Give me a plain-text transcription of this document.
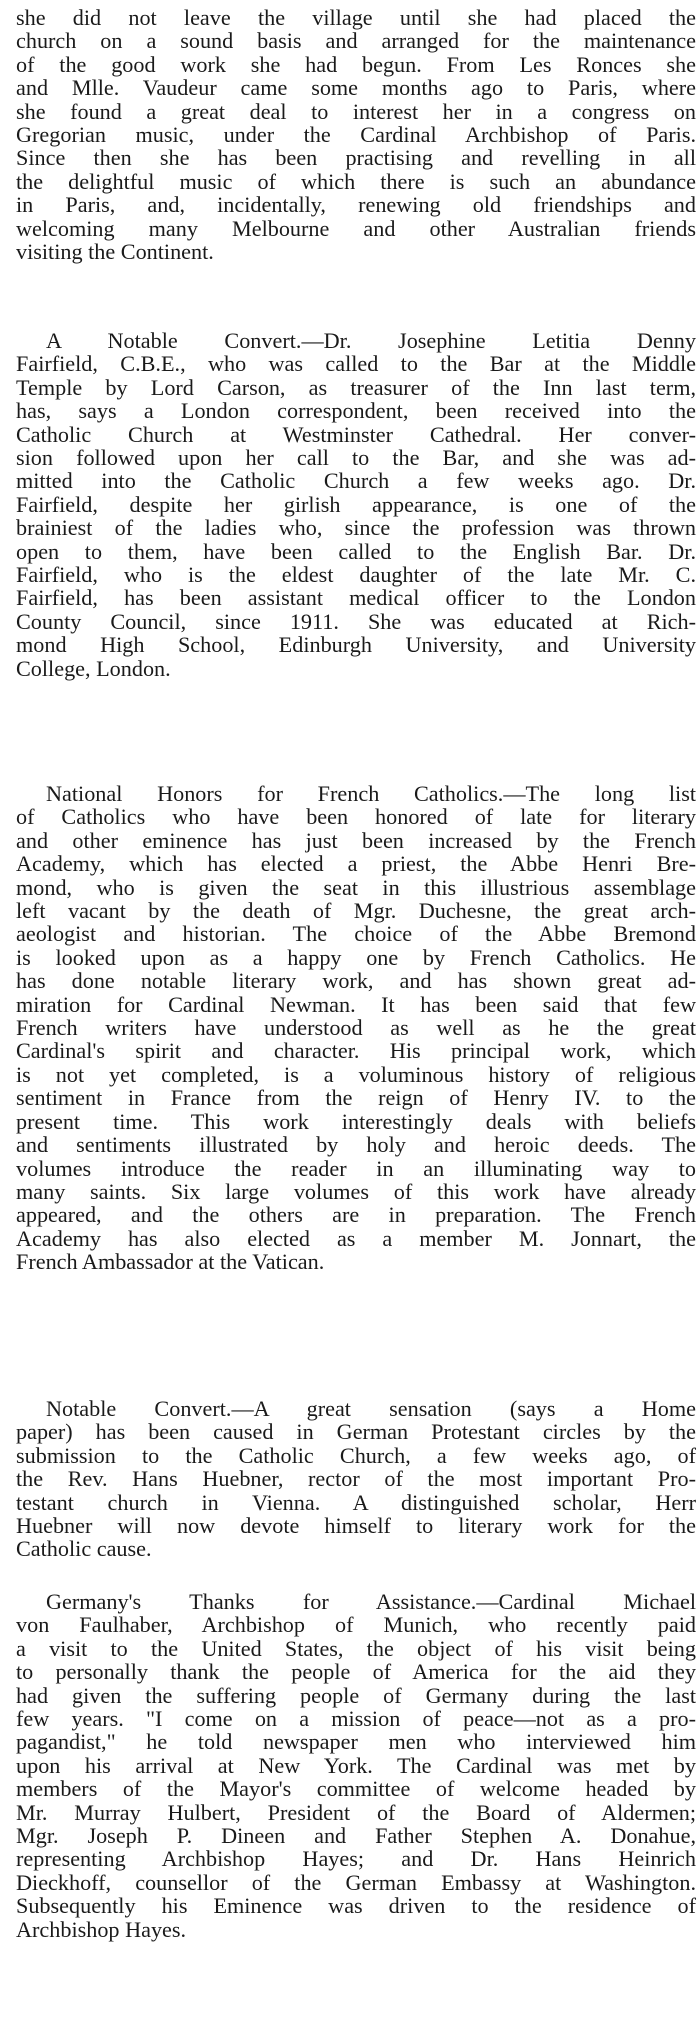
she did not leave the village until she had placed the
church on a sound basis and arranged for the maintenance
of the good work she had begun. From Les Ronces she
and Mlle. Vaudeur came some months ago to Paris, where
she found a great deal to interest her in a congress on
Gregorian music, under the Cardinal Archbishop of Paris.
Since then she has been practising and revelling in all
the delightful music of which there is such an abundance
in Paris, and, incidentally, renewing old friendships and
welcoming many Melbourne and other Australian friends
visiting the Continent.
A Notable Convert.—Dr. Josephine Letitia Denny
Fairfield, C.B.E., who was called to the Bar at the Middle
Temple by Lord Carson, as treasurer of the Inn last term,
has, says a London correspondent, been received into the
Catholic Church at Westminster Cathedral. Her conver-
sion followed upon her call to the Bar, and she was ad-
mitted into the Catholic Church a few weeks ago. Dr.
Fairfield, despite her girlish appearance, is one of the
brainiest of the ladies who, since the profession was thrown
open to them, have been called to the English Bar. Dr.
Fairfield, who is the eldest daughter of the late Mr. C.
Fairfield, has been assistant medical officer to the London
County Council, since 1911. She was educated at Rich-
mond High School, Edinburgh University, and University
College, London.
National Honors for French Catholics.—The long list
of Catholics who have been honored of late for literary
and other eminence has just been increased by the French
Academy, which has elected a priest, the Abbe Henri Bre-
mond, who is given the seat in this illustrious assemblage
left vacant by the death of Mgr. Duchesne, the great arch-
aeologist and historian. The choice of the Abbe Bremond
is looked upon as a happy one by French Catholics. He
has done notable literary work, and has shown great ad-
miration for Cardinal Newman. It has been said that few
French writers have understood as well as he the great
Cardinal's spirit and character. His principal work, which
is not yet completed, is a voluminous history of religious
sentiment in France from the reign of Henry IV. to the
present time. This work interestingly deals with beliefs
and sentiments illustrated by holy and heroic deeds. The
volumes introduce the reader in an illuminating way to
many saints. Six large volumes of this work have already
appeared, and the others are in preparation. The French
Academy has also elected as a member M. Jonnart, the
French Ambassador at the Vatican.
Notable Convert.—A great sensation (says a Home
paper) has been caused in German Protestant circles by the
submission to the Catholic Church, a few weeks ago, of
the Rev. Hans Huebner, rector of the most important Pro-
testant church in Vienna. A distinguished scholar, Herr
Huebner will now devote himself to literary work for the
Catholic cause.
Germany's Thanks for Assistance.—Cardinal Michael
von Faulhaber, Archbishop of Munich, who recently paid
a visit to the United States, the object of his visit being
to personally thank the people of America for the aid they
had given the suffering people of Germany during the last
few years. "I come on a mission of peace—not as a pro-
pagandist," he told newspaper men who interviewed him
upon his arrival at New York. The Cardinal was met by
members of the Mayor's committee of welcome headed by
Mr. Murray Hulbert, President of the Board of Aldermen;
Mgr. Joseph P. Dineen and Father Stephen A. Donahue,
representing Archbishop Hayes; and Dr. Hans Heinrich
Dieckhoff, counsellor of the German Embassy at Washington.
Subsequently his Eminence was driven to the residence of
Archbishop Hayes.
